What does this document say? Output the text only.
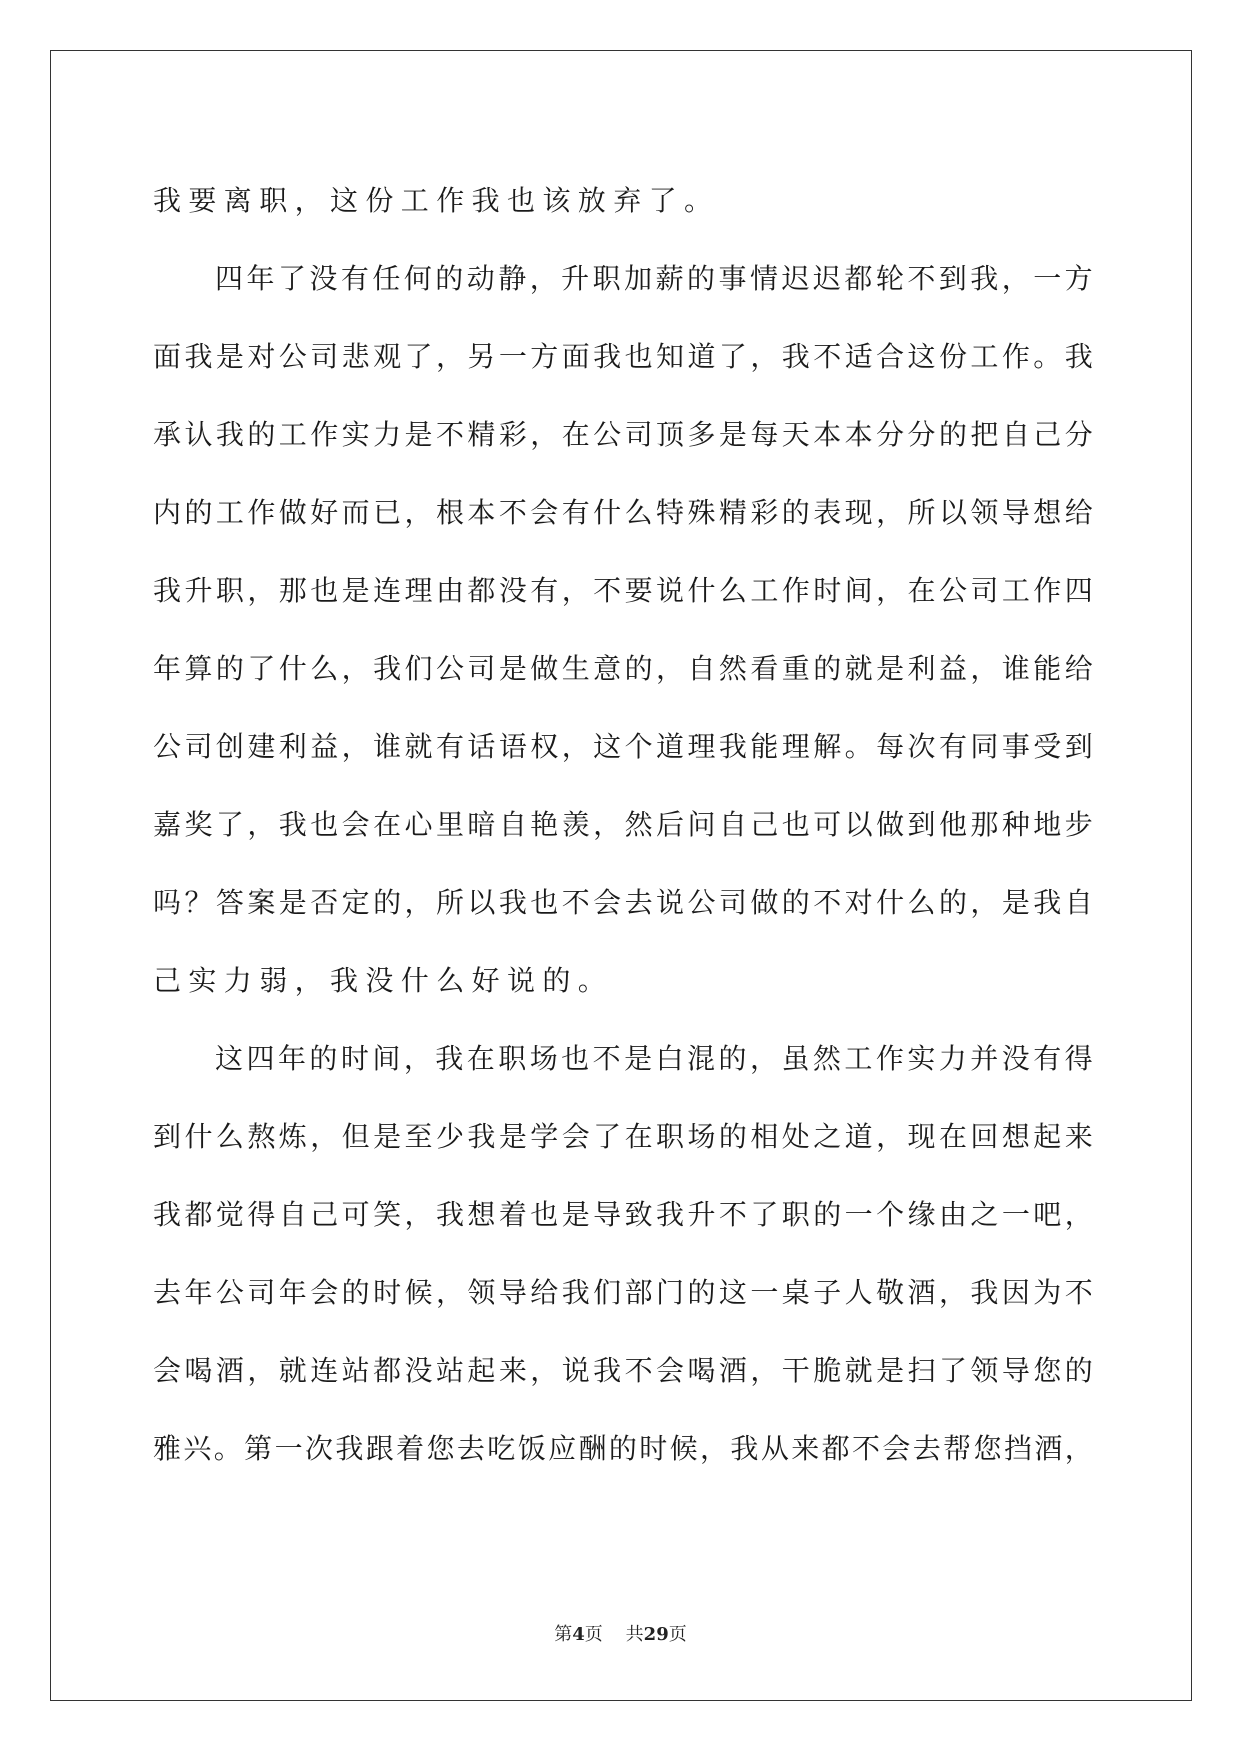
我要离职，这份工作我也该放弃了。
四 年 了 没 有 任 何 的 动 静 ， 升 职 加 薪 的 事 情 迟 迟 都 轮 不 到 我 ， 一 方
面 我 是 对 公 司 悲 观 了 ， 另 一 方 面 我 也 知 道 了 ， 我 不 适 合 这 份 工 作 。 我
承 认 我 的 工 作 实 力 是 不 精 彩 ， 在 公 司 顶 多 是 每 天 本 本 分 分 的 把 自 己 分
内 的 工 作 做 好 而 已 ， 根 本 不 会 有 什 么 特 殊 精 彩 的 表 现 ， 所 以 领 导 想 给
我 升 职 ， 那 也 是 连 理 由 都 没 有 ， 不 要 说 什 么 工 作 时 间 ， 在 公 司 工 作 四
年 算 的 了 什 么 ， 我 们 公 司 是 做 生 意 的 ， 自 然 看 重 的 就 是 利 益 ， 谁 能 给
公 司 创 建 利 益 ， 谁 就 有 话 语 权 ， 这 个 道 理 我 能 理 解 。 每 次 有 同 事 受 到
嘉 奖 了 ， 我 也 会 在 心 里 暗 自 艳 羡 ， 然 后 问 自 己 也 可 以 做 到 他 那 种 地 步
吗 ？ 答 案 是 否 定 的 ， 所 以 我 也 不 会 去 说 公 司 做 的 不 对 什 么 的 ， 是 我 自
己实力弱，我没什么好说的。
这 四 年 的 时 间 ， 我 在 职 场 也 不 是 白 混 的 ， 虽 然 工 作 实 力 并 没 有 得
到 什 么 熬 炼 ， 但 是 至 少 我 是 学 会 了 在 职 场 的 相 处 之 道 ， 现 在 回 想 起 来
我 都 觉 得 自 己 可 笑 ， 我 想 着 也 是 导 致 我 升 不 了 职 的 一 个 缘 由 之 一 吧 ，
去 年 公 司 年 会 的 时 候 ， 领 导 给 我 们 部 门 的 这 一 桌 子 人 敬 酒 ， 我 因 为 不
会 喝 酒 ， 就 连 站 都 没 站 起 来 ， 说 我 不 会 喝 酒 ， 干 脆 就 是 扫 了 领 导 您 的
雅 兴 。 第 一 次 我 跟 着 您 去 吃 饭 应 酬 的 时 候 ， 我 从 来 都 不 会 去 帮 您 挡 酒 ，
第4页 共29页
